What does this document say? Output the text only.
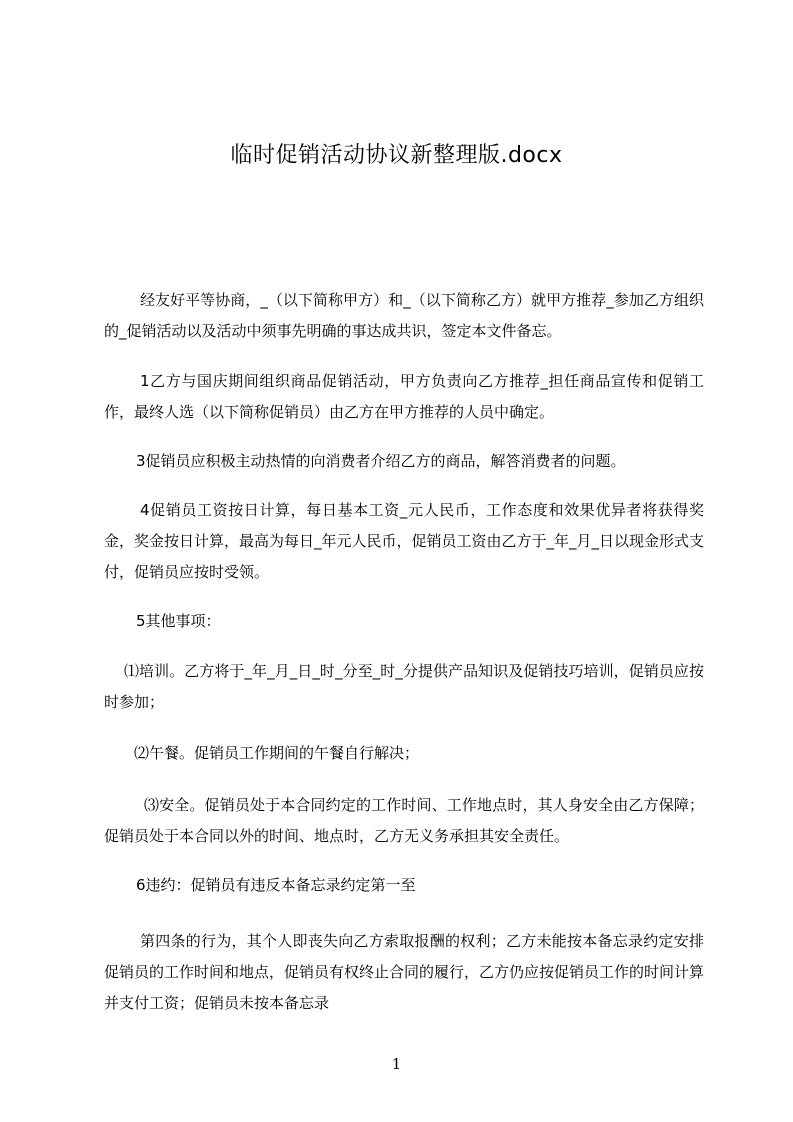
临时促销活动协议新整理版.docx

经友好平等协商，_（以下简称甲方）和_（以下简称乙方）就甲方推荐_参加乙方组织的_促销活动以及活动中须事先明确的事达成共识，签定本文件备忘。

1乙方与国庆期间组织商品促销活动，甲方负责向乙方推荐_担任商品宣传和促销工作，最终人选（以下简称促销员）由乙方在甲方推荐的人员中确定。

3促销员应积极主动热情的向消费者介绍乙方的商品，解答消费者的问题。

4促销员工资按日计算，每日基本工资_元人民币，工作态度和效果优异者将获得奖金，奖金按日计算，最高为每日_年元人民币，促销员工资由乙方于_年_月_日以现金形式支付，促销员应按时受领。

5其他事项：

⑴培训。乙方将于_年_月_日_时_分至_时_分提供产品知识及促销技巧培训，促销员应按时参加；

⑵午餐。促销员工作期间的午餐自行解决；

⑶安全。促销员处于本合同约定的工作时间、工作地点时，其人身安全由乙方保障；促销员处于本合同以外的时间、地点时，乙方无义务承担其安全责任。

6违约：促销员有违反本备忘录约定第一至

第四条的行为，其个人即丧失向乙方索取报酬的权利；乙方未能按本备忘录约定安排促销员的工作时间和地点，促销员有权终止合同的履行，乙方仍应按促销员工作的时间计算并支付工资；促销员未按本备忘录

1
